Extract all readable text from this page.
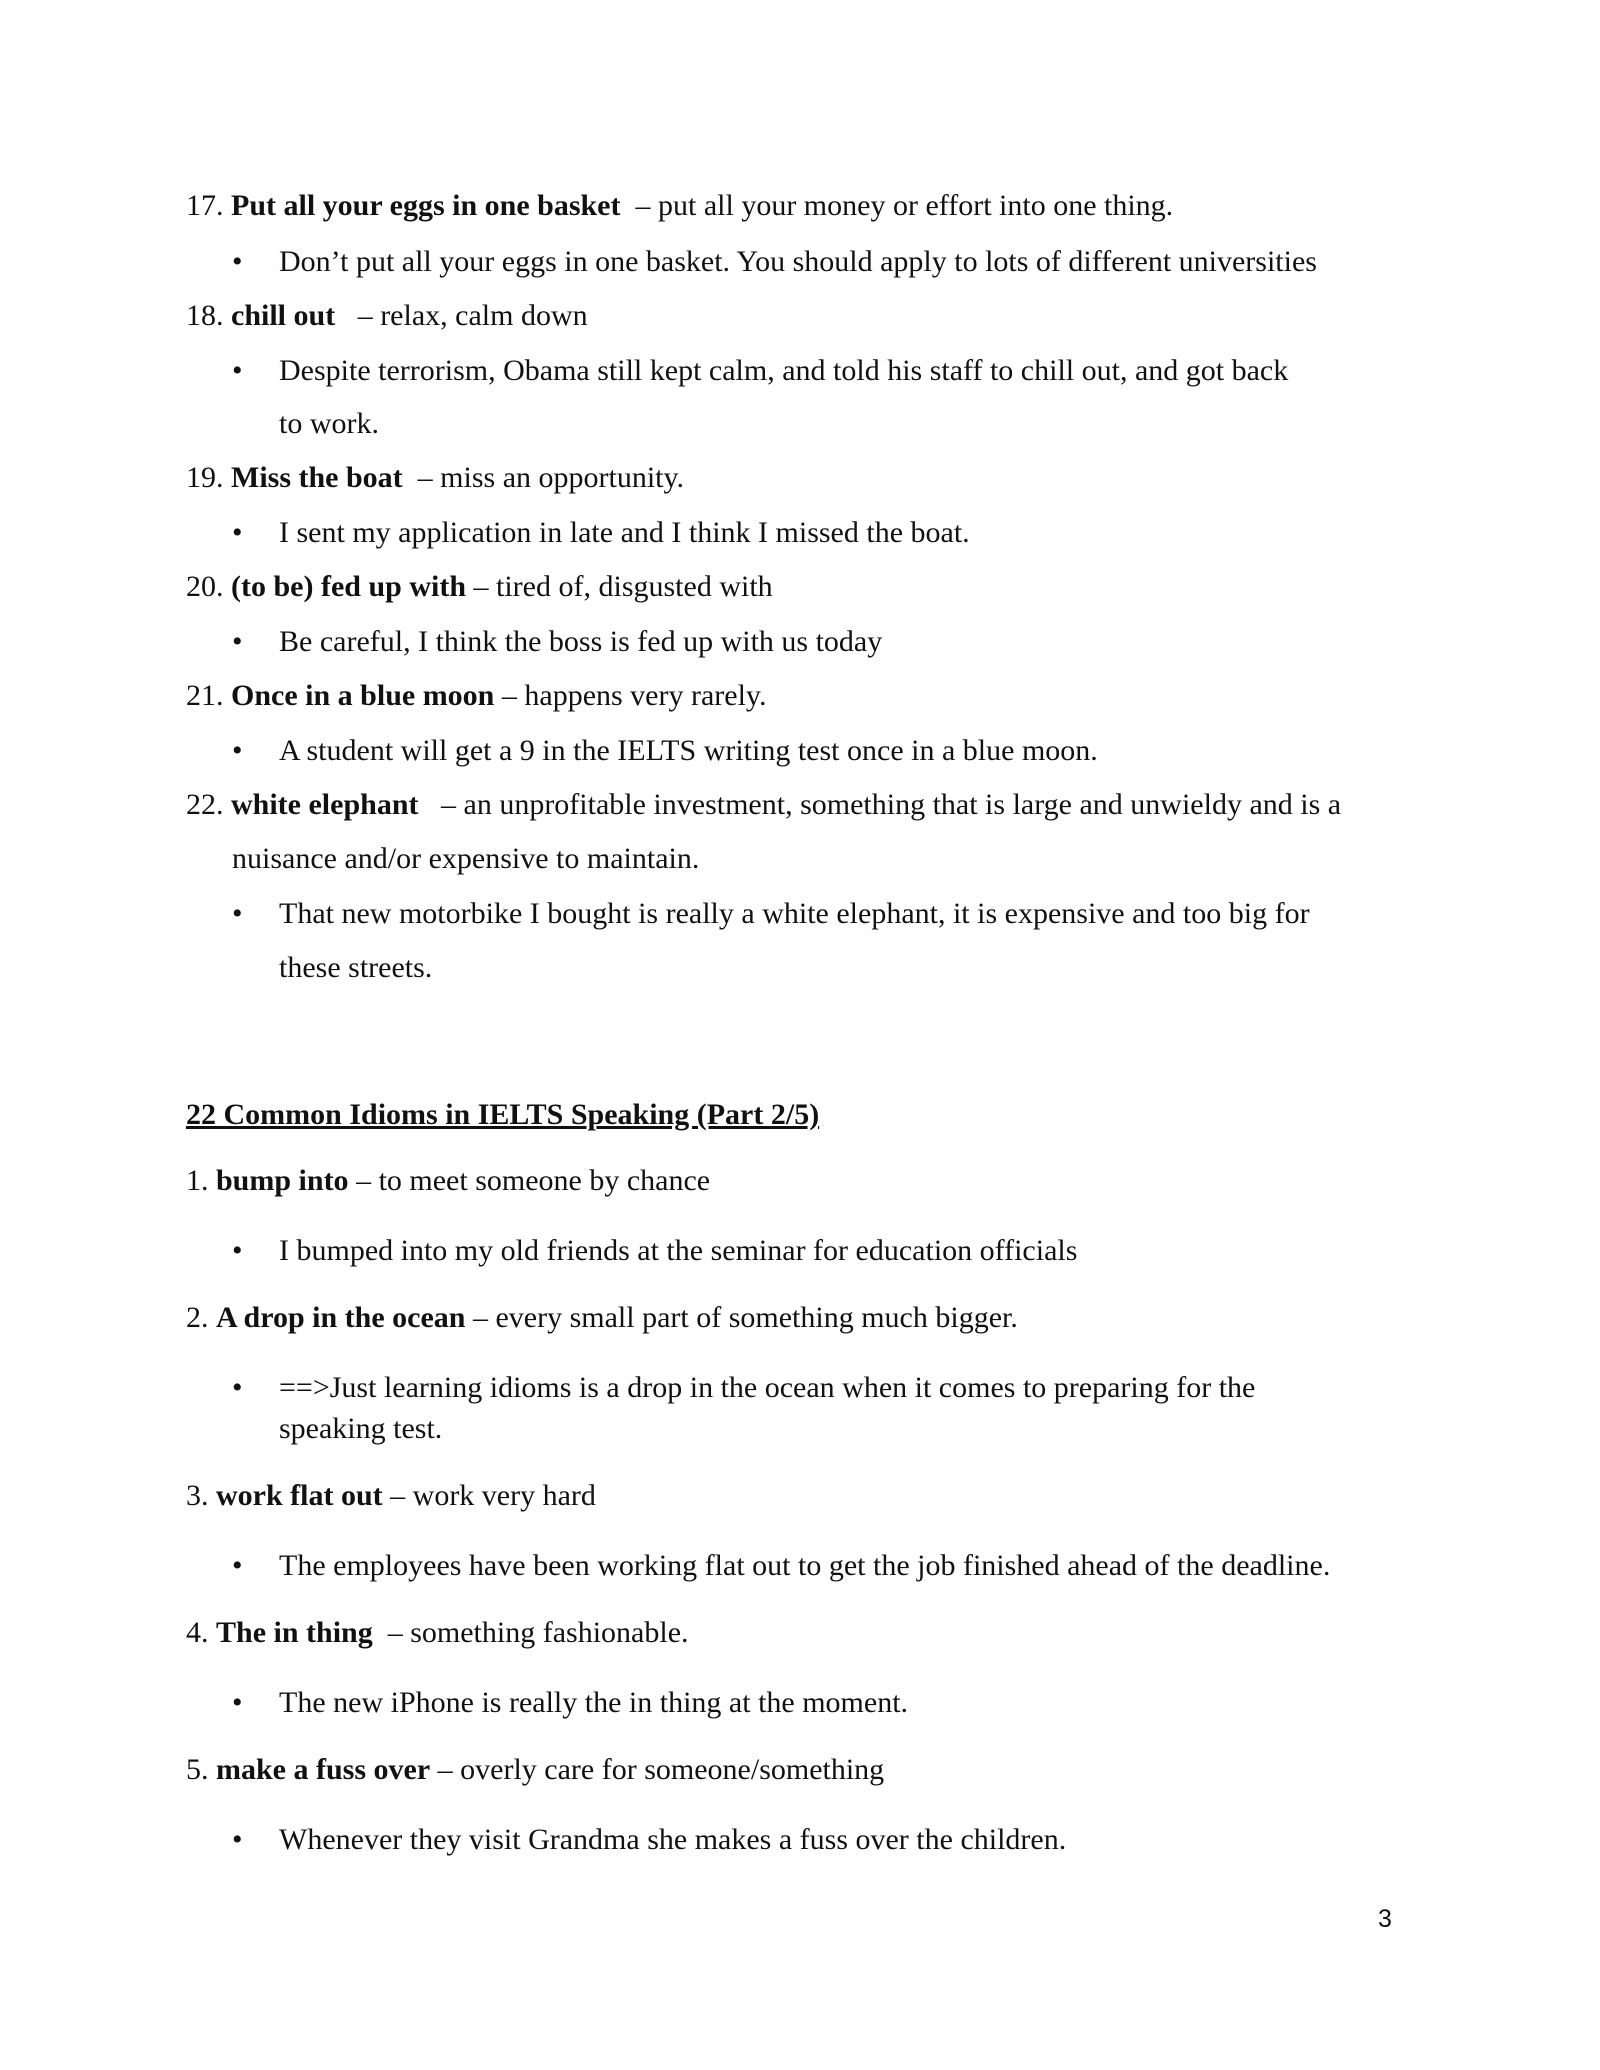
17. Put all your eggs in one basket – put all your money or effort into one thing.
• Don’t put all your eggs in one basket. You should apply to lots of different universities
18. chill out – relax, calm down
• Despite terrorism, Obama still kept calm, and told his staff to chill out, and got back
to work.
19. Miss the boat – miss an opportunity.
• I sent my application in late and I think I missed the boat.
20. (to be) fed up with – tired of, disgusted with
• Be careful, I think the boss is fed up with us today
21. Once in a blue moon – happens very rarely.
• A student will get a 9 in the IELTS writing test once in a blue moon.
22. white elephant – an unprofitable investment, something that is large and unwieldy and is a
nuisance and/or expensive to maintain.
• That new motorbike I bought is really a white elephant, it is expensive and too big for
these streets.
22 Common Idioms in IELTS Speaking (Part 2/5)
1. bump into – to meet someone by chance
• I bumped into my old friends at the seminar for education officials
2. A drop in the ocean – every small part of something much bigger.
• ==>Just learning idioms is a drop in the ocean when it comes to preparing for the
speaking test.
3. work flat out – work very hard
• The employees have been working flat out to get the job finished ahead of the deadline.
4. The in thing – something fashionable.
• The new iPhone is really the in thing at the moment.
5. make a fuss over – overly care for someone/something
• Whenever they visit Grandma she makes a fuss over the children.
3
